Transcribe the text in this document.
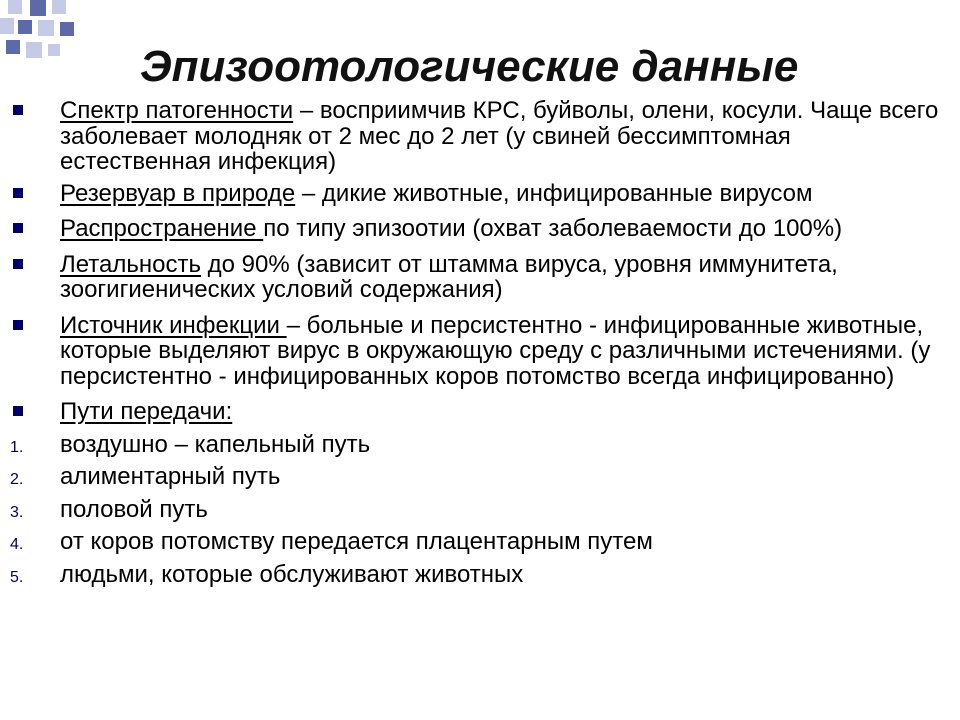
Эпизоотологические данные
Спектр патогенности – восприимчив КРС, буйволы, олени, косули. Чаще всего заболевает молодняк от 2 мес до 2 лет (у свиней бессимптомная естественная инфекция)
Резервуар в природе – дикие животные, инфицированные вирусом
Распространение по типу эпизоотии (охват заболеваемости до 100%)
Летальность до 90% (зависит от штамма вируса, уровня иммунитета, зоогигиенических условий содержания)
Источник инфекции – больные и персистентно - инфицированные животные, которые выделяют вирус в окружающую среду с различными истечениями. (у персистентно - инфицированных коров потомство всегда инфицированно)
Пути передачи:
1. воздушно – капельный путь
2. алиментарный путь
3. половой путь
4. от коров потомству передается плацентарным путем
5. людьми, которые обслуживают животных
